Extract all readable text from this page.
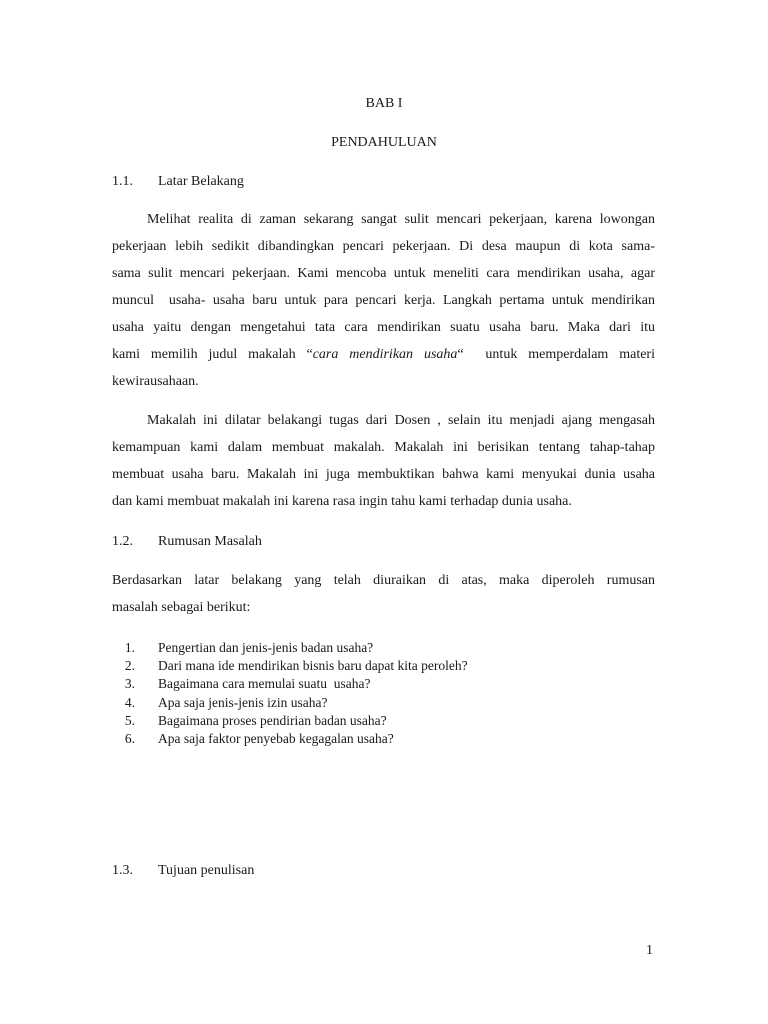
BAB I
PENDAHULUAN
1.1. Latar Belakang
Melihat realita di zaman sekarang sangat sulit mencari pekerjaan, karena lowongan
pekerjaan lebih sedikit dibandingkan pencari pekerjaan. Di desa maupun di kota sama-
sama sulit mencari pekerjaan. Kami mencoba untuk meneliti cara mendirikan usaha, agar
muncul  usaha- usaha baru untuk para pencari kerja. Langkah pertama untuk mendirikan
usaha yaitu dengan mengetahui tata cara mendirikan suatu usaha baru. Maka dari itu
kami memilih judul makalah “cara mendirikan usaha“  untuk memperdalam materi
kewirausahaan.
Makalah ini dilatar belakangi tugas dari Dosen , selain itu menjadi ajang mengasah
kemampuan kami dalam membuat makalah. Makalah ini berisikan tentang tahap-tahap
membuat usaha baru. Makalah ini juga membuktikan bahwa kami menyukai dunia usaha
dan kami membuat makalah ini karena rasa ingin tahu kami terhadap dunia usaha.
1.2. Rumusan Masalah
Berdasarkan latar belakang yang telah diuraikan di atas, maka diperoleh rumusan
masalah sebagai berikut:
1. Pengertian dan jenis-jenis badan usaha?
2. Dari mana ide mendirikan bisnis baru dapat kita peroleh?
3. Bagaimana cara memulai suatu  usaha?
4. Apa saja jenis-jenis izin usaha?
5. Bagaimana proses pendirian badan usaha?
6. Apa saja faktor penyebab kegagalan usaha?
1.3. Tujuan penulisan
1
